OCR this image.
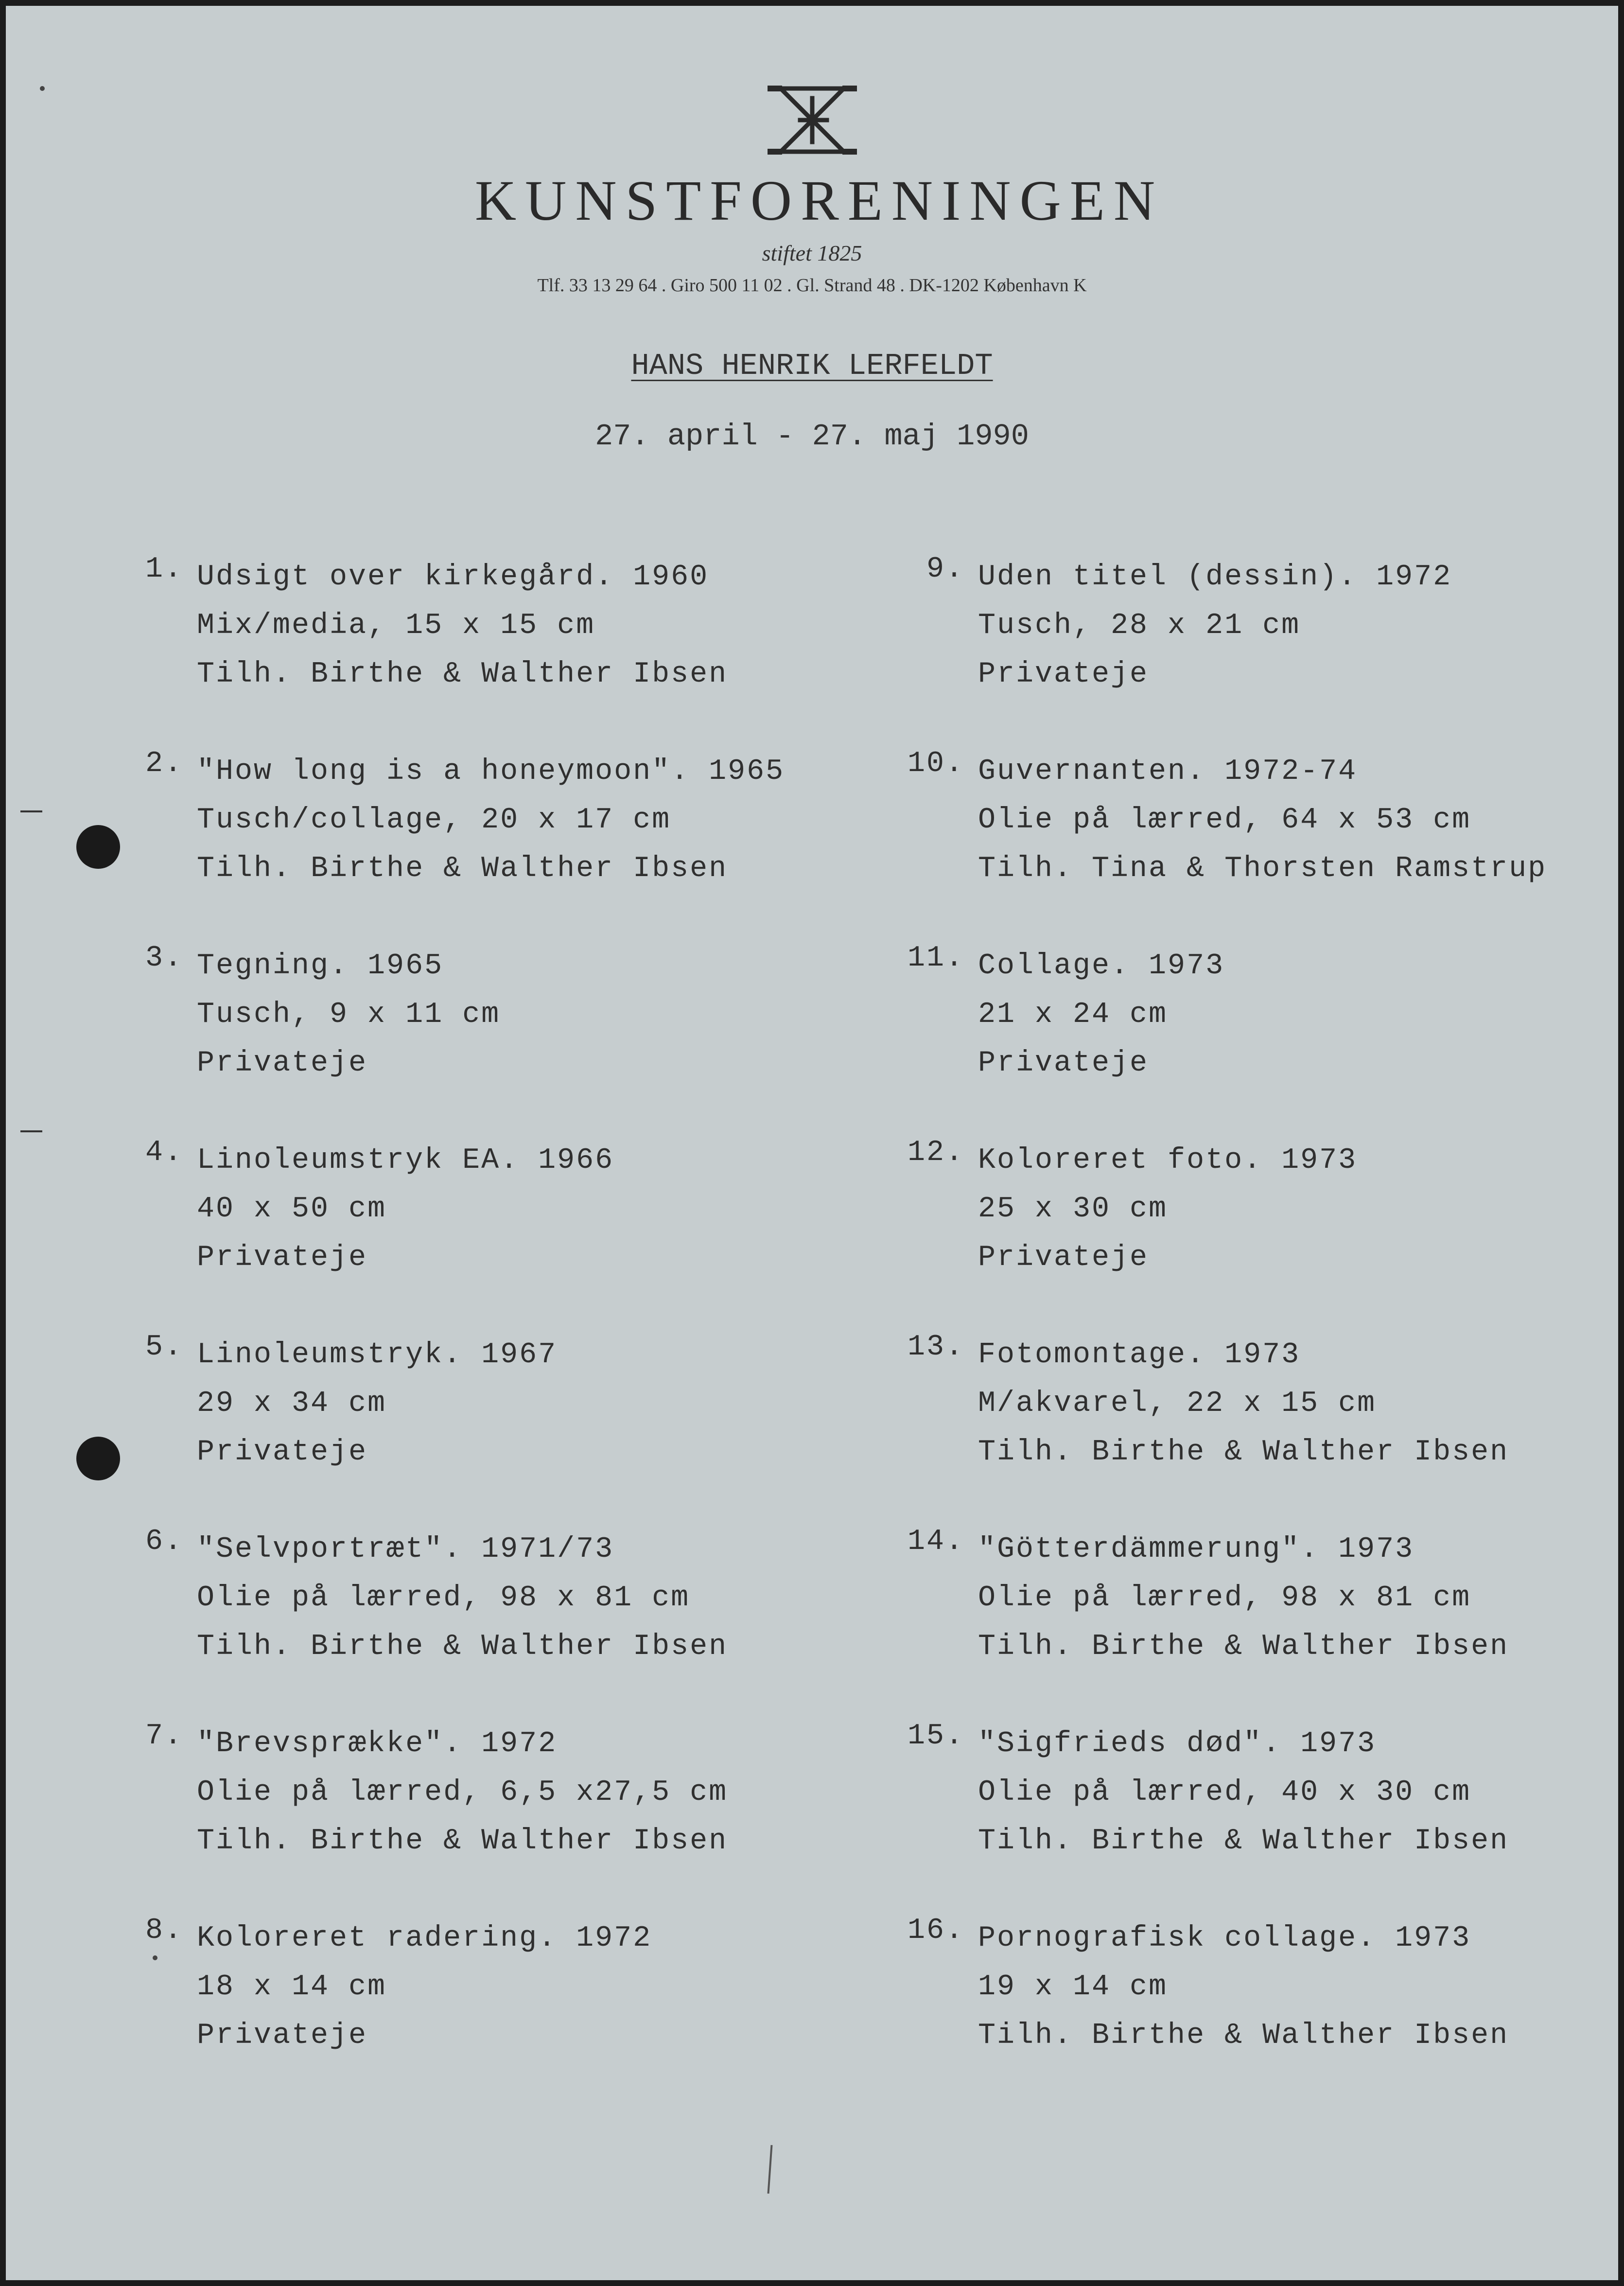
KUNSTFORENINGEN
stiftet 1825
Tlf. 33 13 29 64 . Giro 500 11 02 . Gl. Strand 48 . DK-1202 København K
HANS HENRIK LERFELDT
27. april - 27. maj 1990
1. Udsigt over kirkegård. 1960
Mix/media, 15 x 15 cm
Tilh. Birthe & Walther Ibsen
2. "How long is a honeymoon". 1965
Tusch/collage, 20 x 17 cm
Tilh. Birthe & Walther Ibsen
3. Tegning. 1965
Tusch, 9 x 11 cm
Privateje
4. Linoleumstryk EA. 1966
40 x 50 cm
Privateje
5. Linoleumstryk. 1967
29 x 34 cm
Privateje
6. "Selvportræt". 1971/73
Olie på lærred, 98 x 81 cm
Tilh. Birthe & Walther Ibsen
7. "Brevsprække". 1972
Olie på lærred, 6,5 x27,5 cm
Tilh. Birthe & Walther Ibsen
8. Koloreret radering. 1972
18 x 14 cm
Privateje
9. Uden titel (dessin). 1972
Tusch, 28 x 21 cm
Privateje
10. Guvernanten. 1972-74
Olie på lærred, 64 x 53 cm
Tilh. Tina & Thorsten Ramstrup
11. Collage. 1973
21 x 24 cm
Privateje
12. Koloreret foto. 1973
25 x 30 cm
Privateje
13. Fotomontage. 1973
M/akvarel, 22 x 15 cm
Tilh. Birthe & Walther Ibsen
14. "Götterdämmerung". 1973
Olie på lærred, 98 x 81 cm
Tilh. Birthe & Walther Ibsen
15. "Sigfrieds død". 1973
Olie på lærred, 40 x 30 cm
Tilh. Birthe & Walther Ibsen
16. Pornografisk collage. 1973
19 x 14 cm
Tilh. Birthe & Walther Ibsen
